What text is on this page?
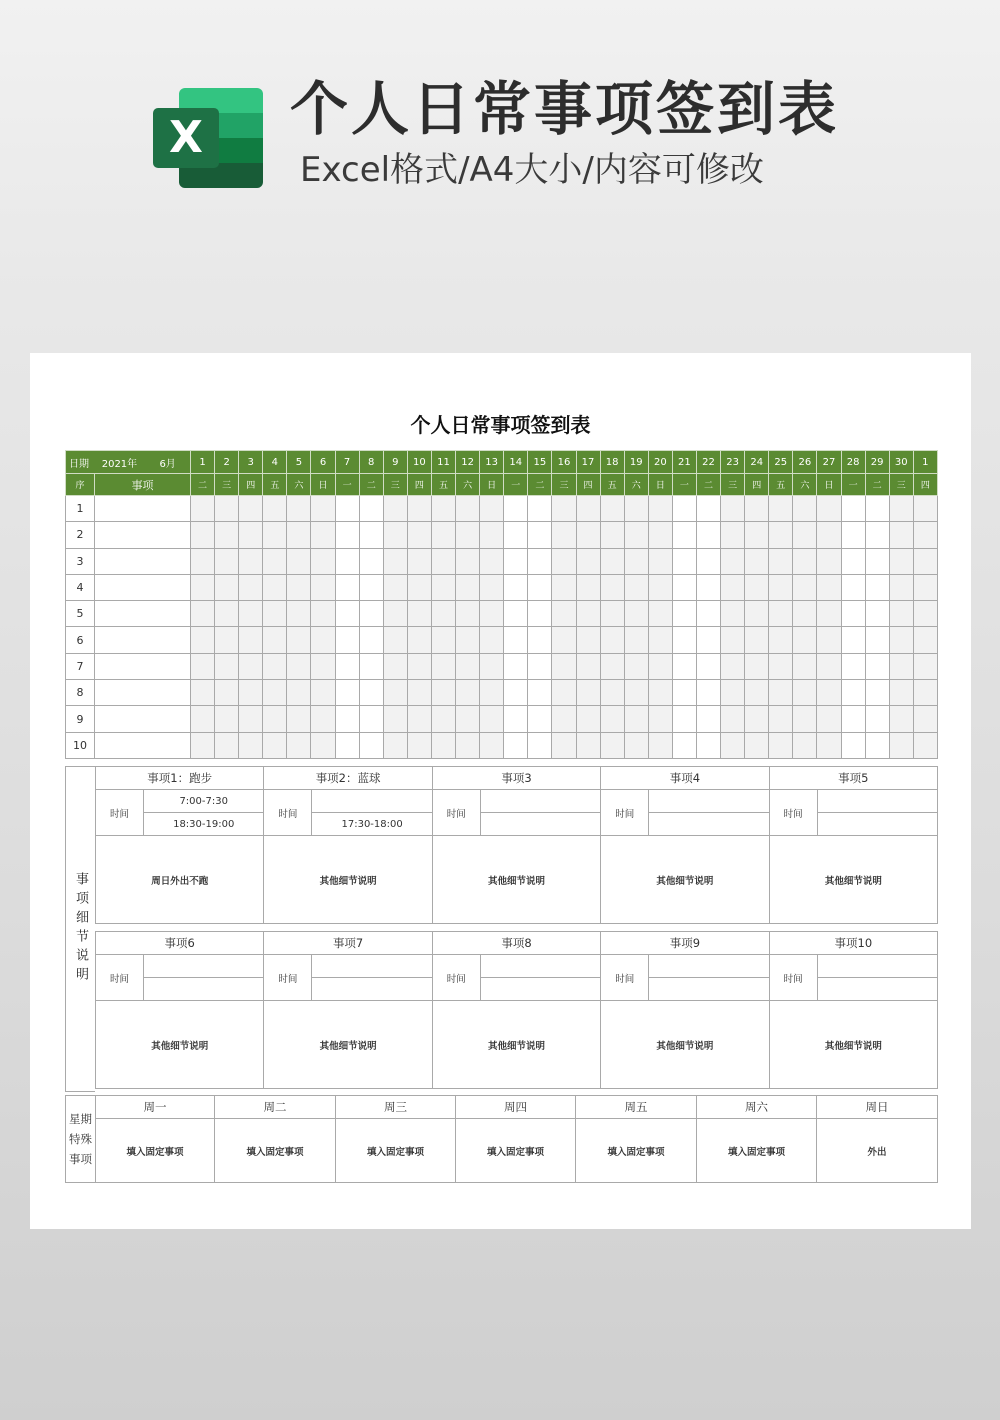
X 个人日常事项签到表
Excel格式/A4大小/内容可修改
个人日常事项签到表
日期 2021年 6月		1	2	3	4	5	6	7	8	9	10	11	12	13	14	15	16	17	18	19	20	21	22	23	24	25	26	27	28	29	30	1
序	事项	二	三	四	五	六	日	一	二	三	四	五	六	日	一	二	三	四	五	六	日	一	二	三	四	五	六	日	一	二	三	四
1																																
2																																
3																																
4																																
5																																
6																																
7																																
8																																
9																																
10																																
事项细节说明
事项1：跑步		事项2：蓝球		事项3		事项4		事项5	
时间	7:00-7:30	时间		时间		时间		时间	
	18:30-19:00		17:30-18:00						
周日外出不跑		其他细节说明		其他细节说明		其他细节说明		其他细节说明	
事项6		事项7		事项8		事项9		事项10	
时间		时间		时间		时间		时间	

其他细节说明		其他细节说明		其他细节说明		其他细节说明		其他细节说明	
星期特殊事项	周一	周二	周三	周四	周五	周六	周日
	填入固定事项	填入固定事项	填入固定事项	填入固定事项	填入固定事项	填入固定事项	外出
